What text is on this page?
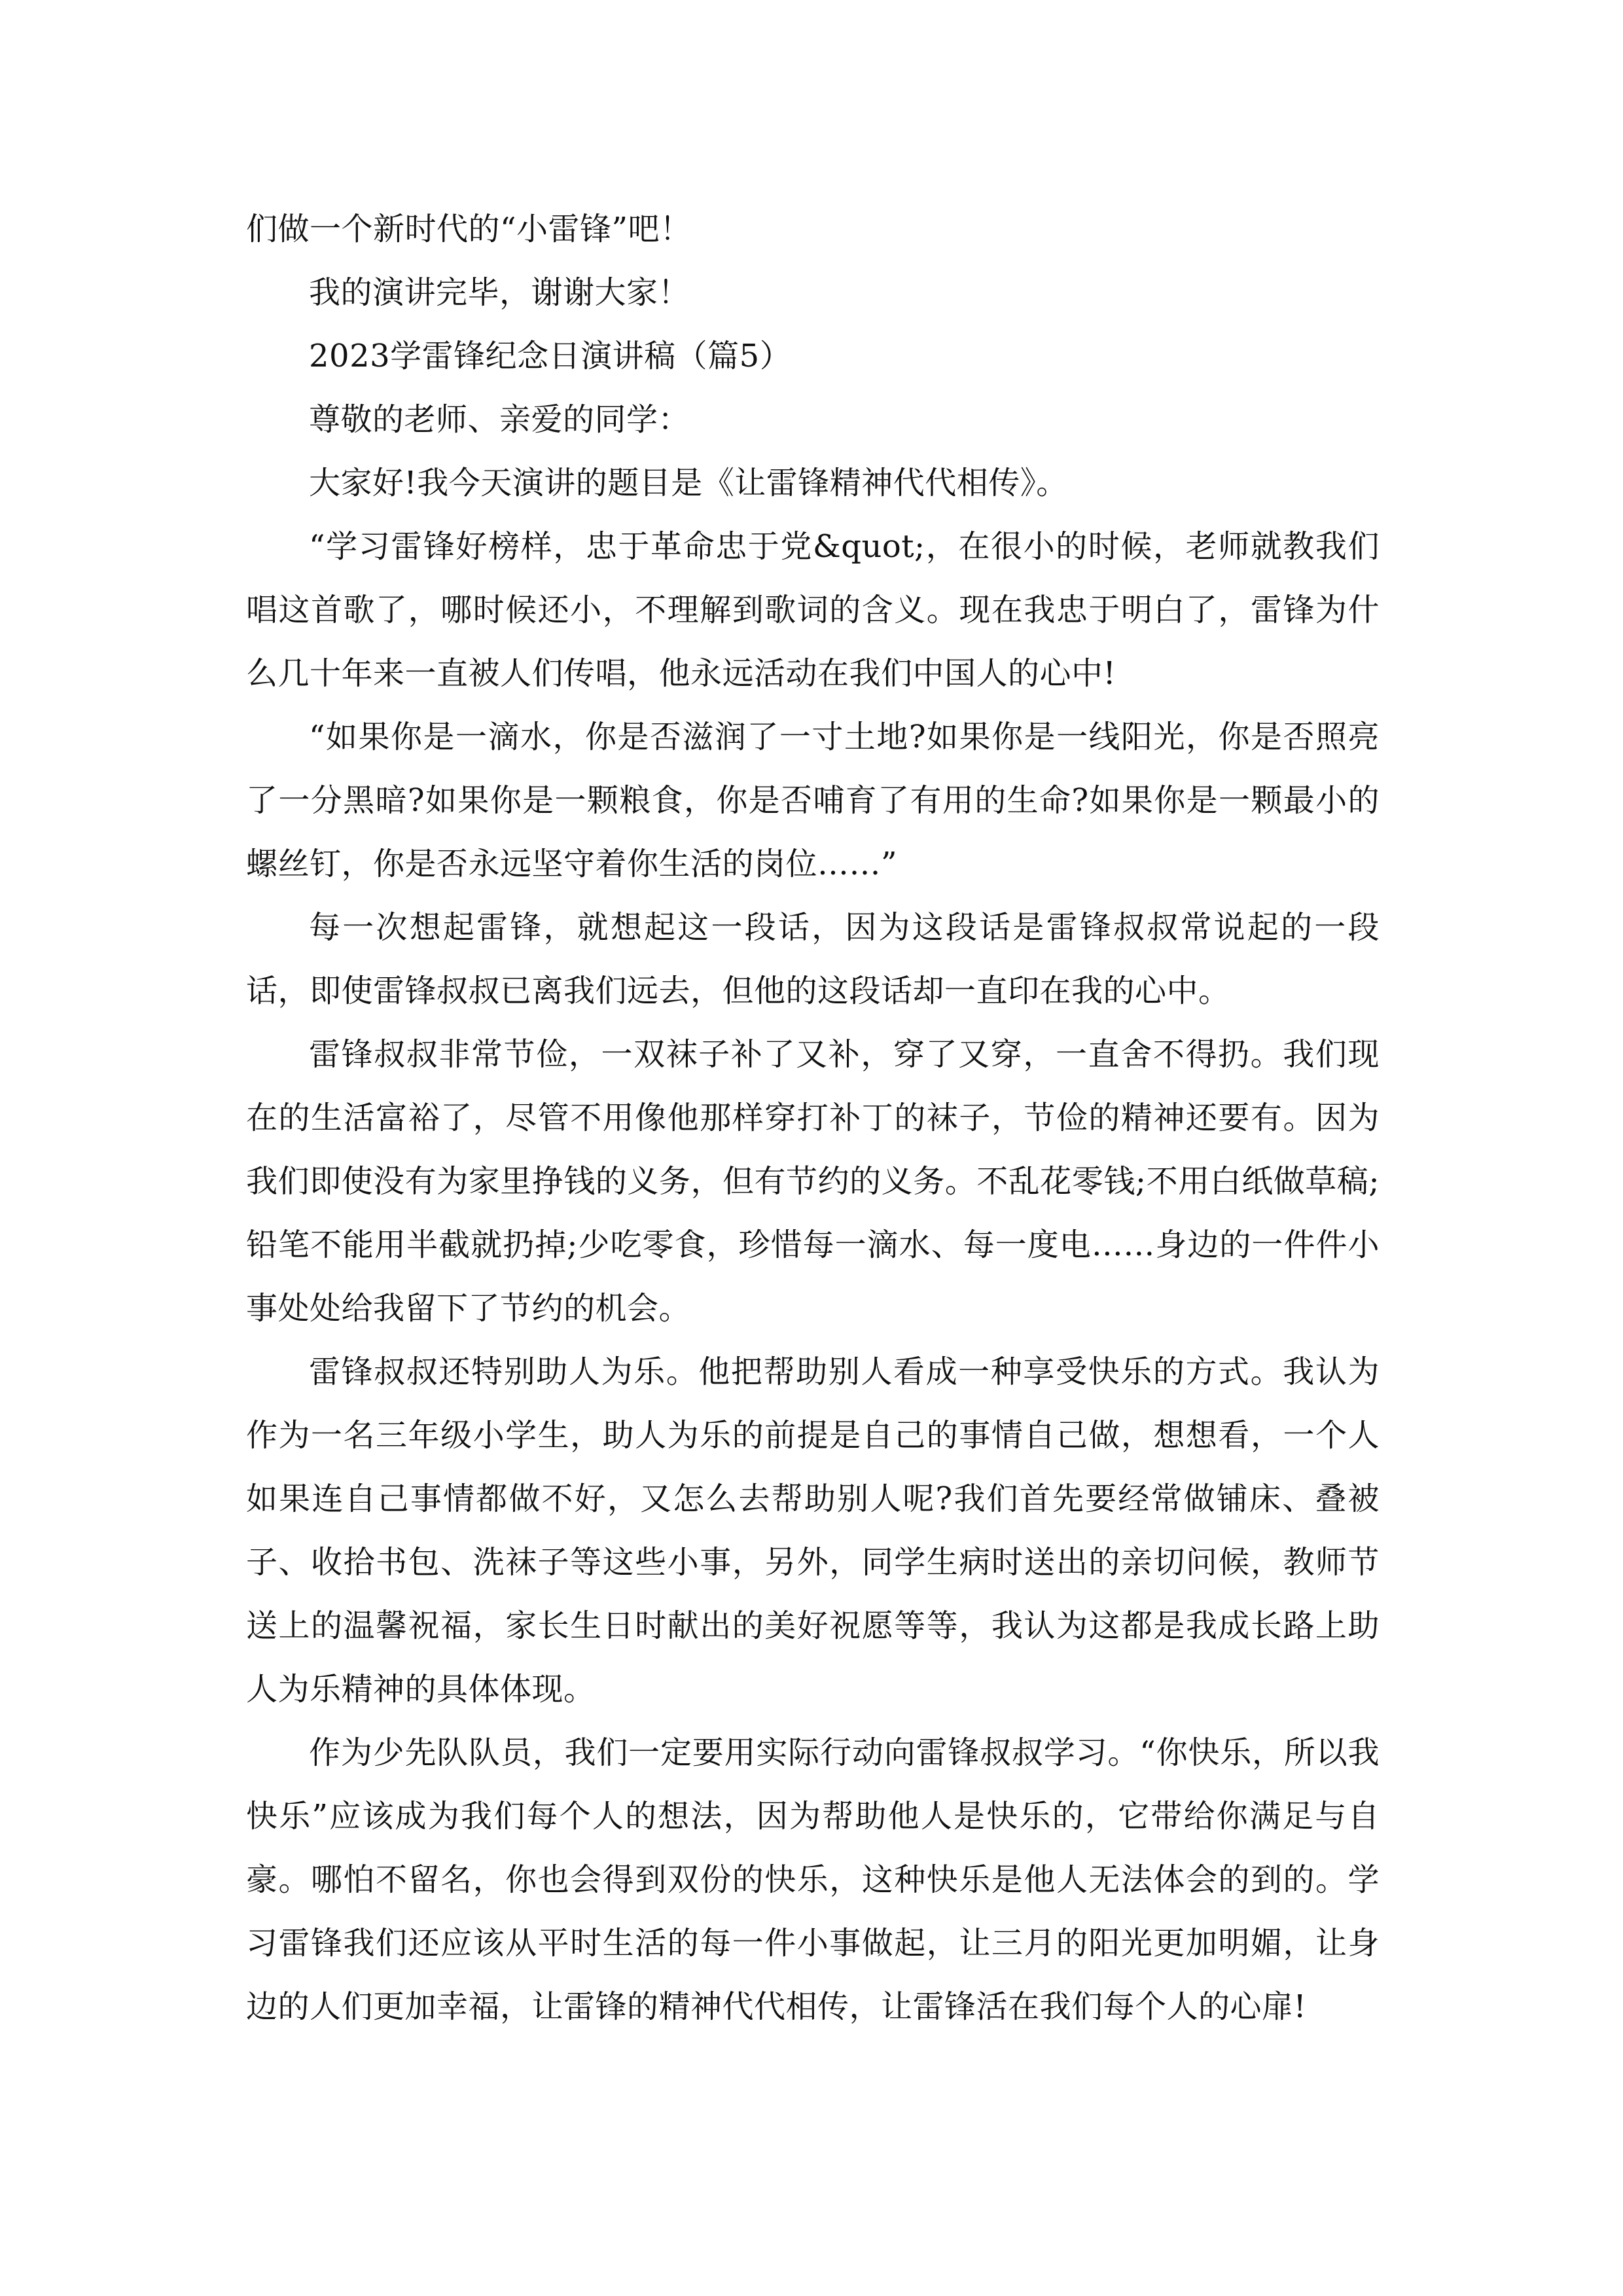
们做一个新时代的“小雷锋”吧！

我的演讲完毕，谢谢大家！

2023学雷锋纪念日演讲稿（篇5）

尊敬的老师、亲爱的同学：

大家好!我今天演讲的题目是《让雷锋精神代代相传》。

“学习雷锋好榜样，忠于革命忠于党&quot;，在很小的时候，老师就教我们唱这首歌了，哪时候还小，不理解到歌词的含义。现在我忠于明白了，雷锋为什么几十年来一直被人们传唱，他永远活动在我们中国人的心中!

“如果你是一滴水，你是否滋润了一寸土地?如果你是一线阳光，你是否照亮了一分黑暗?如果你是一颗粮食，你是否哺育了有用的生命?如果你是一颗最小的螺丝钉，你是否永远坚守着你生活的岗位……”

每一次想起雷锋，就想起这一段话，因为这段话是雷锋叔叔常说起的一段话，即使雷锋叔叔已离我们远去，但他的这段话却一直印在我的心中。

雷锋叔叔非常节俭，一双袜子补了又补，穿了又穿，一直舍不得扔。我们现在的生活富裕了，尽管不用像他那样穿打补丁的袜子，节俭的精神还要有。因为我们即使没有为家里挣钱的义务，但有节约的义务。不乱花零钱;不用白纸做草稿;铅笔不能用半截就扔掉;少吃零食，珍惜每一滴水、每一度电……身边的一件件小事处处给我留下了节约的机会。

雷锋叔叔还特别助人为乐。他把帮助别人看成一种享受快乐的方式。我认为作为一名三年级小学生，助人为乐的前提是自己的事情自己做，想想看，一个人如果连自己事情都做不好，又怎么去帮助别人呢?我们首先要经常做铺床、叠被子、收拾书包、洗袜子等这些小事，另外，同学生病时送出的亲切问候，教师节送上的温馨祝福，家长生日时献出的美好祝愿等等，我认为这都是我成长路上助人为乐精神的具体体现。

作为少先队队员，我们一定要用实际行动向雷锋叔叔学习。“你快乐，所以我快乐”应该成为我们每个人的想法，因为帮助他人是快乐的，它带给你满足与自豪。哪怕不留名，你也会得到双份的快乐，这种快乐是他人无法体会的到的。学习雷锋我们还应该从平时生活的每一件小事做起，让三月的阳光更加明媚，让身边的人们更加幸福，让雷锋的精神代代相传，让雷锋活在我们每个人的心扉!
